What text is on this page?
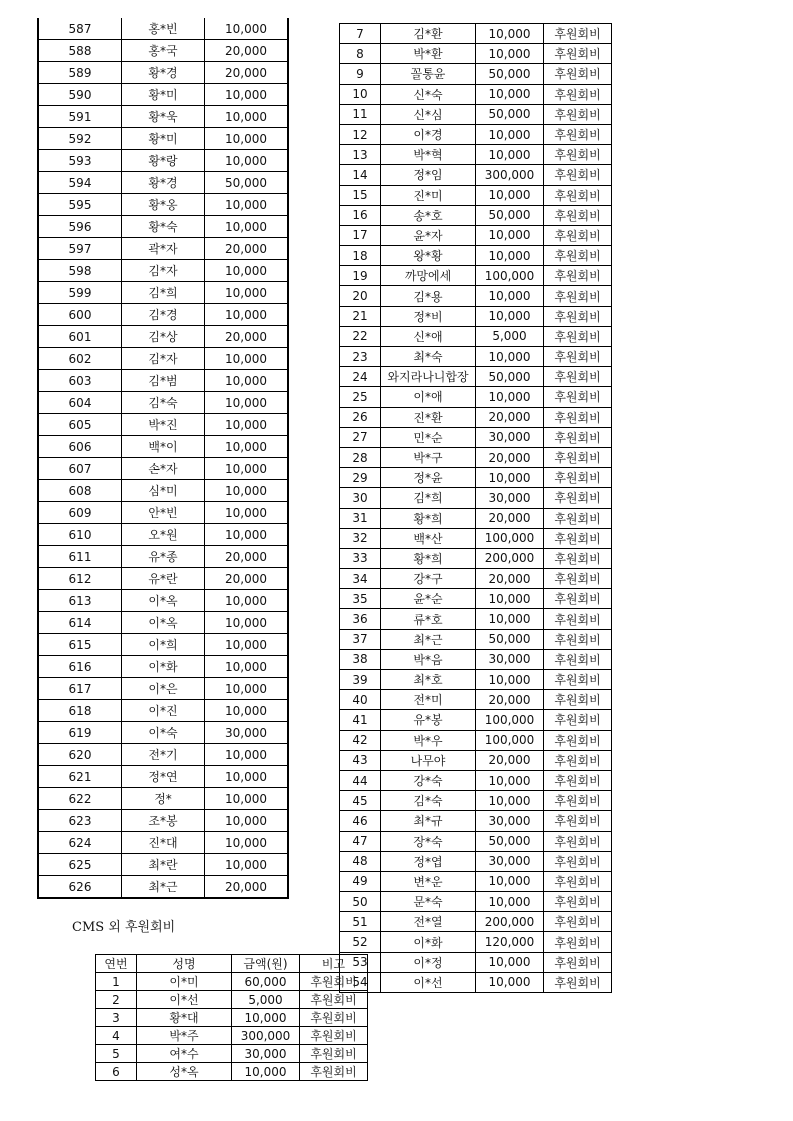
587	홍*빈	10,000
588	홍*국	20,000
589	황*경	20,000
590	황*미	10,000
591	황*욱	10,000
592	황*미	10,000
593	황*랑	10,000
594	황*경	50,000
595	황*옹	10,000
596	황*숙	10,000
597	곽*자	20,000
598	김*자	10,000
599	김*희	10,000
600	김*경	10,000
601	김*상	20,000
602	김*자	10,000
603	김*범	10,000
604	김*숙	10,000
605	박*진	10,000
606	백*이	10,000
607	손*자	10,000
608	심*미	10,000
609	안*빈	10,000
610	오*원	10,000
611	유*종	20,000
612	유*란	20,000
613	이*옥	10,000
614	이*옥	10,000
615	이*희	10,000
616	이*화	10,000
617	이*은	10,000
618	이*진	10,000
619	이*숙	30,000
620	전*기	10,000
621	정*연	10,000
622	정*	10,000
623	조*봉	10,000
624	진*대	10,000
625	최*란	10,000
626	최*근	20,000
7	김*환	10,000	후원회비
8	박*환	10,000	후원회비
9	꼴통윤	50,000	후원회비
10	신*숙	10,000	후원회비
11	신*심	50,000	후원회비
12	이*경	10,000	후원회비
13	박*혁	10,000	후원회비
14	정*임	300,000	후원회비
15	진*미	10,000	후원회비
16	송*호	50,000	후원회비
17	윤*자	10,000	후원회비
18	왕*황	10,000	후원회비
19	까망에세	100,000	후원회비
20	김*용	10,000	후원회비
21	정*비	10,000	후원회비
22	신*애	5,000	후원회비
23	최*숙	10,000	후원회비
24	와지라나니합장	50,000	후원회비
25	이*애	10,000	후원회비
26	진*환	20,000	후원회비
27	민*순	30,000	후원회비
28	박*구	20,000	후원회비
29	정*윤	10,000	후원회비
30	김*희	30,000	후원회비
31	황*희	20,000	후원회비
32	백*산	100,000	후원회비
33	황*희	200,000	후원회비
34	강*구	20,000	후원회비
35	윤*순	10,000	후원회비
36	류*호	10,000	후원회비
37	최*근	50,000	후원회비
38	박*음	30,000	후원회비
39	최*호	10,000	후원회비
40	전*미	20,000	후원회비
41	유*봉	100,000	후원회비
42	박*우	100,000	후원회비
43	나무야	20,000	후원회비
44	강*숙	10,000	후원회비
45	김*숙	10,000	후원회비
46	최*규	30,000	후원회비
47	장*숙	50,000	후원회비
48	정*엽	30,000	후원회비
49	변*운	10,000	후원회비
50	문*숙	10,000	후원회비
51	전*열	200,000	후원회비
52	이*화	120,000	후원회비
53	이*정	10,000	후원회비
54	이*선	10,000	후원회비
CMS 외 후원회비
연번	성명	금액(원)	비고
1	이*미	60,000	후원회비
2	이*선	5,000	후원회비
3	황*대	10,000	후원회비
4	박*주	300,000	후원회비
5	여*수	30,000	후원회비
6	성*옥	10,000	후원회비
